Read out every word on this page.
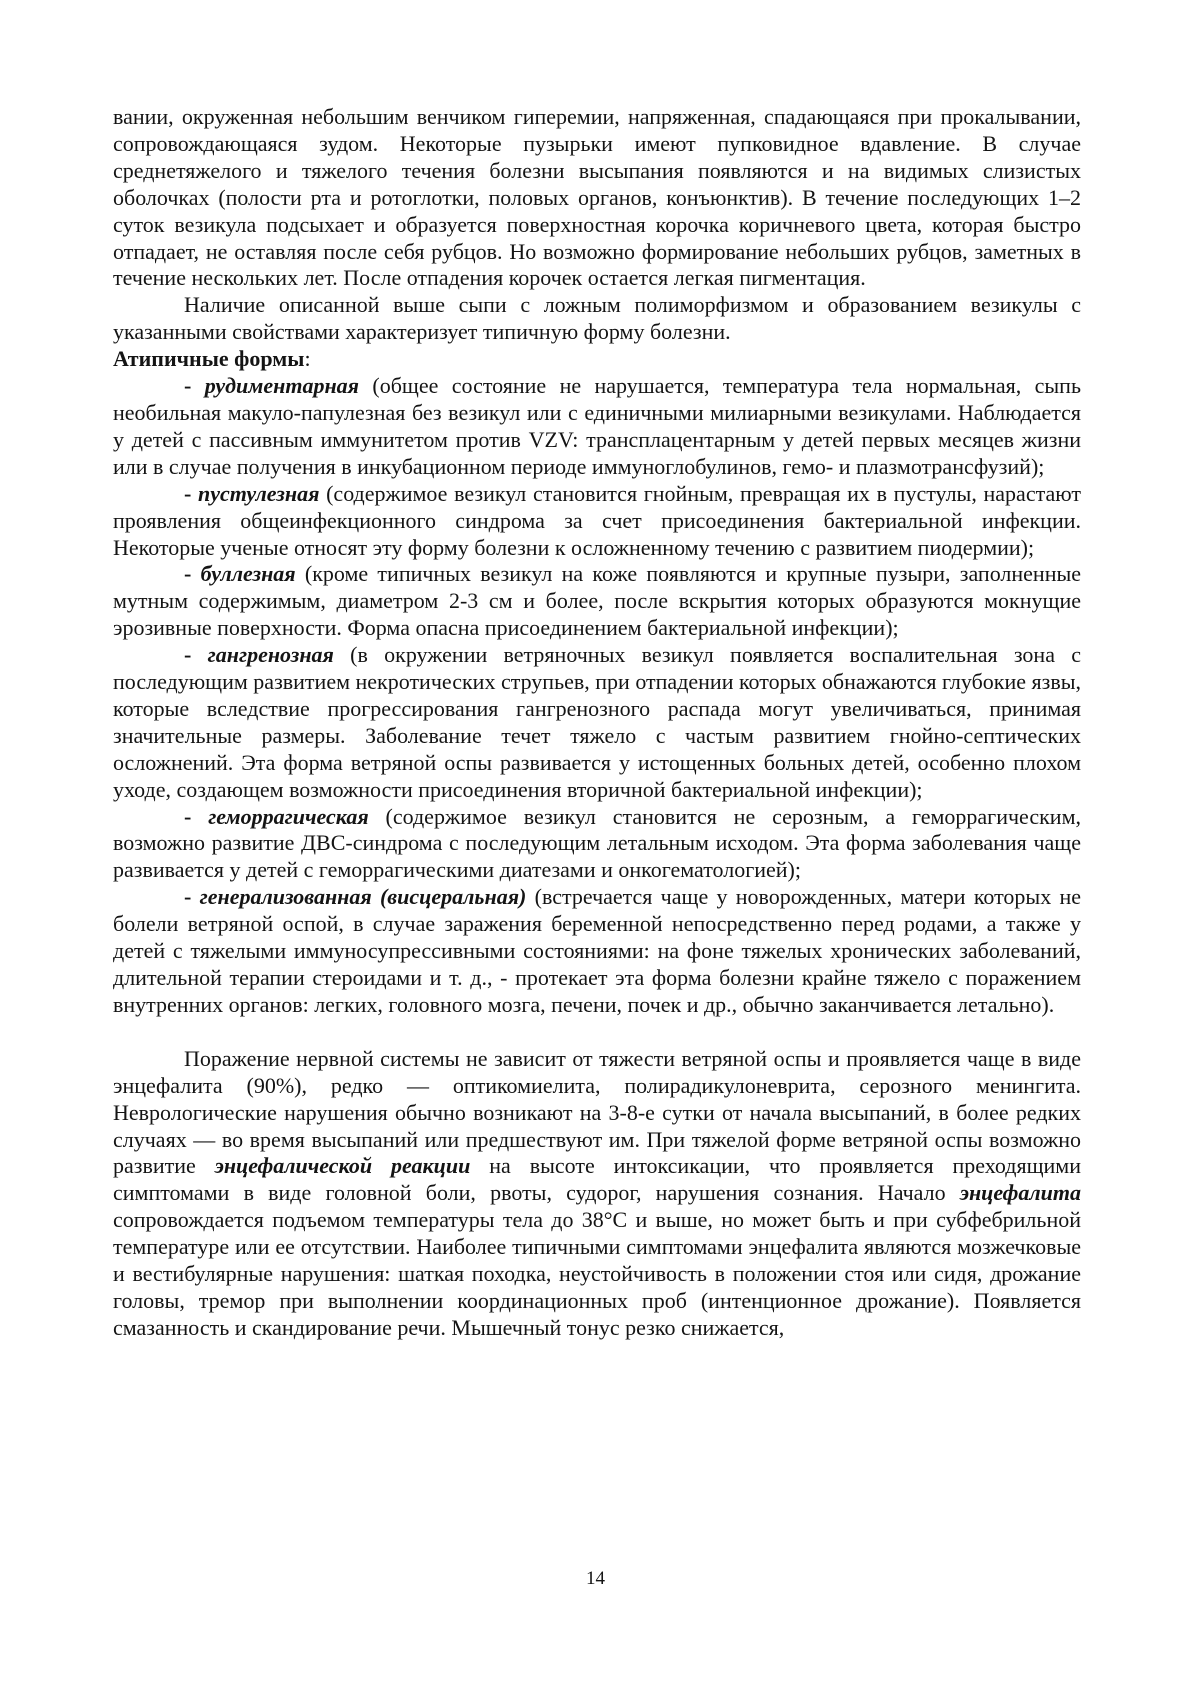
вании, окруженная небольшим венчиком гиперемии, напряженная, спадающаяся при прокалывании, сопровождающаяся зудом. Некоторые пузырьки имеют пупковидное вдавление. В случае среднетяжелого и тяжелого течения болезни высыпания появляются и на видимых слизистых оболочках (полости рта и ротоглотки, половых органов, конъюнктив). В течение последующих 1–2 суток везикула подсыхает и образуется поверхностная корочка коричневого цвета, которая быстро отпадает, не оставляя после себя рубцов. Но возможно формирование небольших рубцов, заметных в течение нескольких лет. После отпадения корочек остается легкая пигментация.

Наличие описанной выше сыпи с ложным полиморфизмом и образованием везикулы с указанными свойствами характеризует типичную форму болезни.

Атипичные формы:

- рудиментарная (общее состояние не нарушается, температура тела нормальная, сыпь необильная макуло-папулезная без везикул или с единичными милиарными везикулами. Наблюдается у детей с пассивным иммунитетом против VZV: трансплацентарным у детей первых месяцев жизни или в случае получения в инкубационном периоде иммуноглобулинов, гемо- и плазмотрансфузий);

- пустулезная (содержимое везикул становится гнойным, превращая их в пустулы, нарастают проявления общеинфекционного синдрома за счет присоединения бактериальной инфекции. Некоторые ученые относят эту форму болезни к осложненному течению с развитием пиодермии);

- буллезная (кроме типичных везикул на коже появляются и крупные пузыри, заполненные мутным содержимым, диаметром 2-3 см и более, после вскрытия которых образуются мокнущие эрозивные поверхности. Форма опасна присоединением бактериальной инфекции);

- гангренозная (в окружении ветряночных везикул появляется воспалительная зона с последующим развитием некротических струпьев, при отпадении которых обнажаются глубокие язвы, которые вследствие прогрессирования гангренозного распада могут увеличиваться, принимая значительные размеры. Заболевание течет тяжело с частым развитием гнойно-септических осложнений. Эта форма ветряной оспы развивается у истощенных больных детей, особенно плохом уходе, создающем возможности присоединения вторичной бактериальной инфекции);

- геморрагическая (содержимое везикул становится не серозным, а геморрагическим, возможно развитие ДВС-синдрома с последующим летальным исходом. Эта форма заболевания чаще развивается у детей с геморрагическими диатезами и онкогематологией);

- генерализованная (висцеральная) (встречается чаще у новорожденных, матери которых не болели ветряной оспой, в случае заражения беременной непосредственно перед родами, а также у детей с тяжелыми иммуносупрессивными состояниями: на фоне тяжелых хронических заболеваний, длительной терапии стероидами и т. д., - протекает эта форма болезни крайне тяжело с поражением внутренних органов: легких, головного мозга, печени, почек и др., обычно заканчивается летально).

Поражение нервной системы не зависит от тяжести ветряной оспы и проявляется чаще в виде энцефалита (90%), редко — оптикомиелита, полирадикулоневрита, серозного менингита. Неврологические нарушения обычно возникают на 3-8-е сутки от начала высыпаний, в более редких случаях — во время высыпаний или предшествуют им. При тяжелой форме ветряной оспы возможно развитие энцефалической реакции на высоте интоксикации, что проявляется преходящими симптомами в виде головной боли, рвоты, судорог, нарушения сознания. Начало энцефалита сопровождается подъемом температуры тела до 38°С и выше, но может быть и при субфебрильной температуре или ее отсутствии. Наиболее типичными симптомами энцефалита являются мозжечковые и вестибулярные нарушения: шаткая походка, неустойчивость в положении стоя или сидя, дрожание головы, тремор при выполнении координационных проб (интенционное дрожание). Появляется смазанность и скандирование речи. Мышечный тонус резко снижается,

14
